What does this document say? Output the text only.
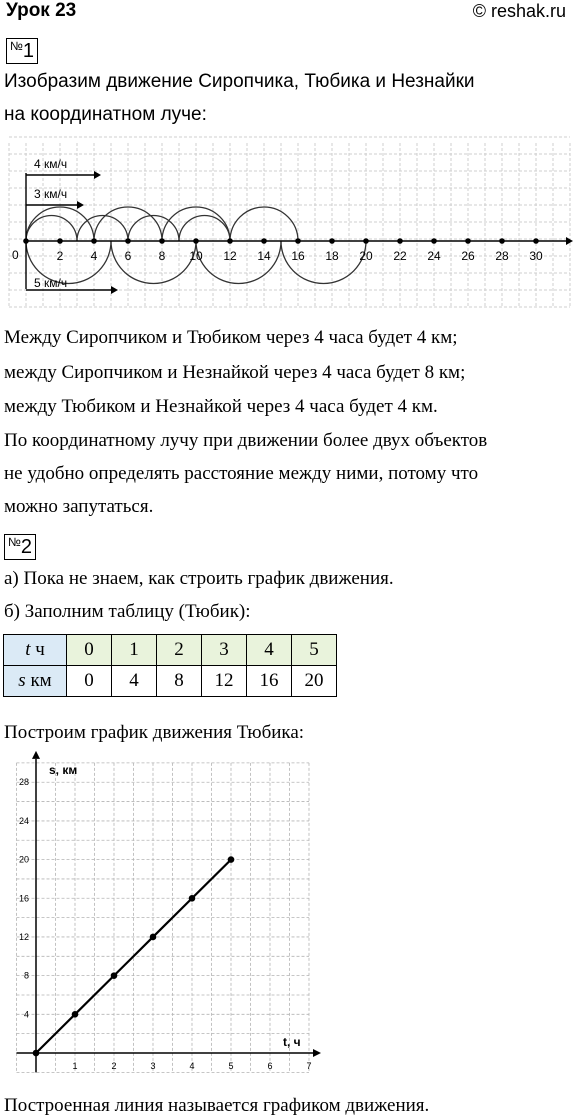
Урок 23	© reshak.ru
№1
Изобразим движение Сиропчика, Тюбика и Незнайки
на координатном луче:
0	2 4 6 8 10 12 14 16 18 20 22 24 26 28 30
4 км/ч
3 км/ч
5 км/ч
Между Сиропчиком и Тюбиком через 4 часа будет 4 км;
между Сиропчиком и Незнайкой через 4 часа будет 8 км;
между Тюбиком и Незнайкой через 4 часа будет 4 км.
По координатному лучу при движении более двух объектов
не удобно определять расстояние между ними, потому что
можно запутаться.
№2
а) Пока не знаем, как строить график движения.
б) Заполним таблицу (Тюбик):
t ч	0	1	2	3	4	5
s км	0	4	8	12	16	20
Построим график движения Тюбика:
1	2	3	4	5	6	7
4
8
12
16
20
24
28
t, ч
s, км
Построенная линия называется графиком движения.
